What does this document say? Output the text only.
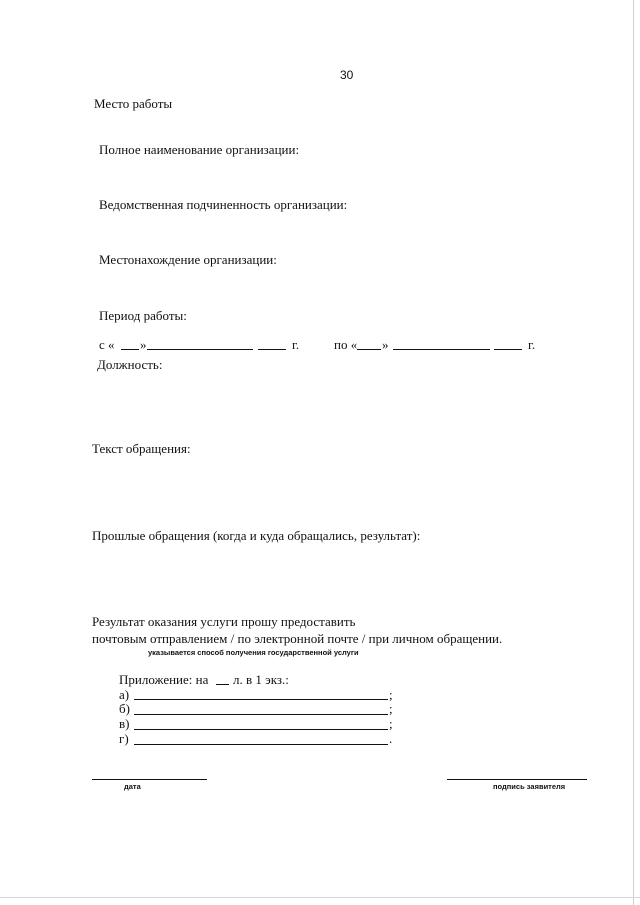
30
Место работы
Полное наименование организации:
Ведомственная подчиненность организации:
Местонахождение организации:
Период работы:
с « »	г.	по « »	г.
Должность:
Текст обращения:
Прошлые обращения (когда и куда обращались, результат):
Результат оказания услуги прошу предоставить
почтовым отправлением / по электронной почте / при личном обращении.
указывается способ получения государственной услуги
Приложение: на л. в 1 экз.:
а)	;
б)	;
в)	;
г)	.
дата	подпись заявителя
